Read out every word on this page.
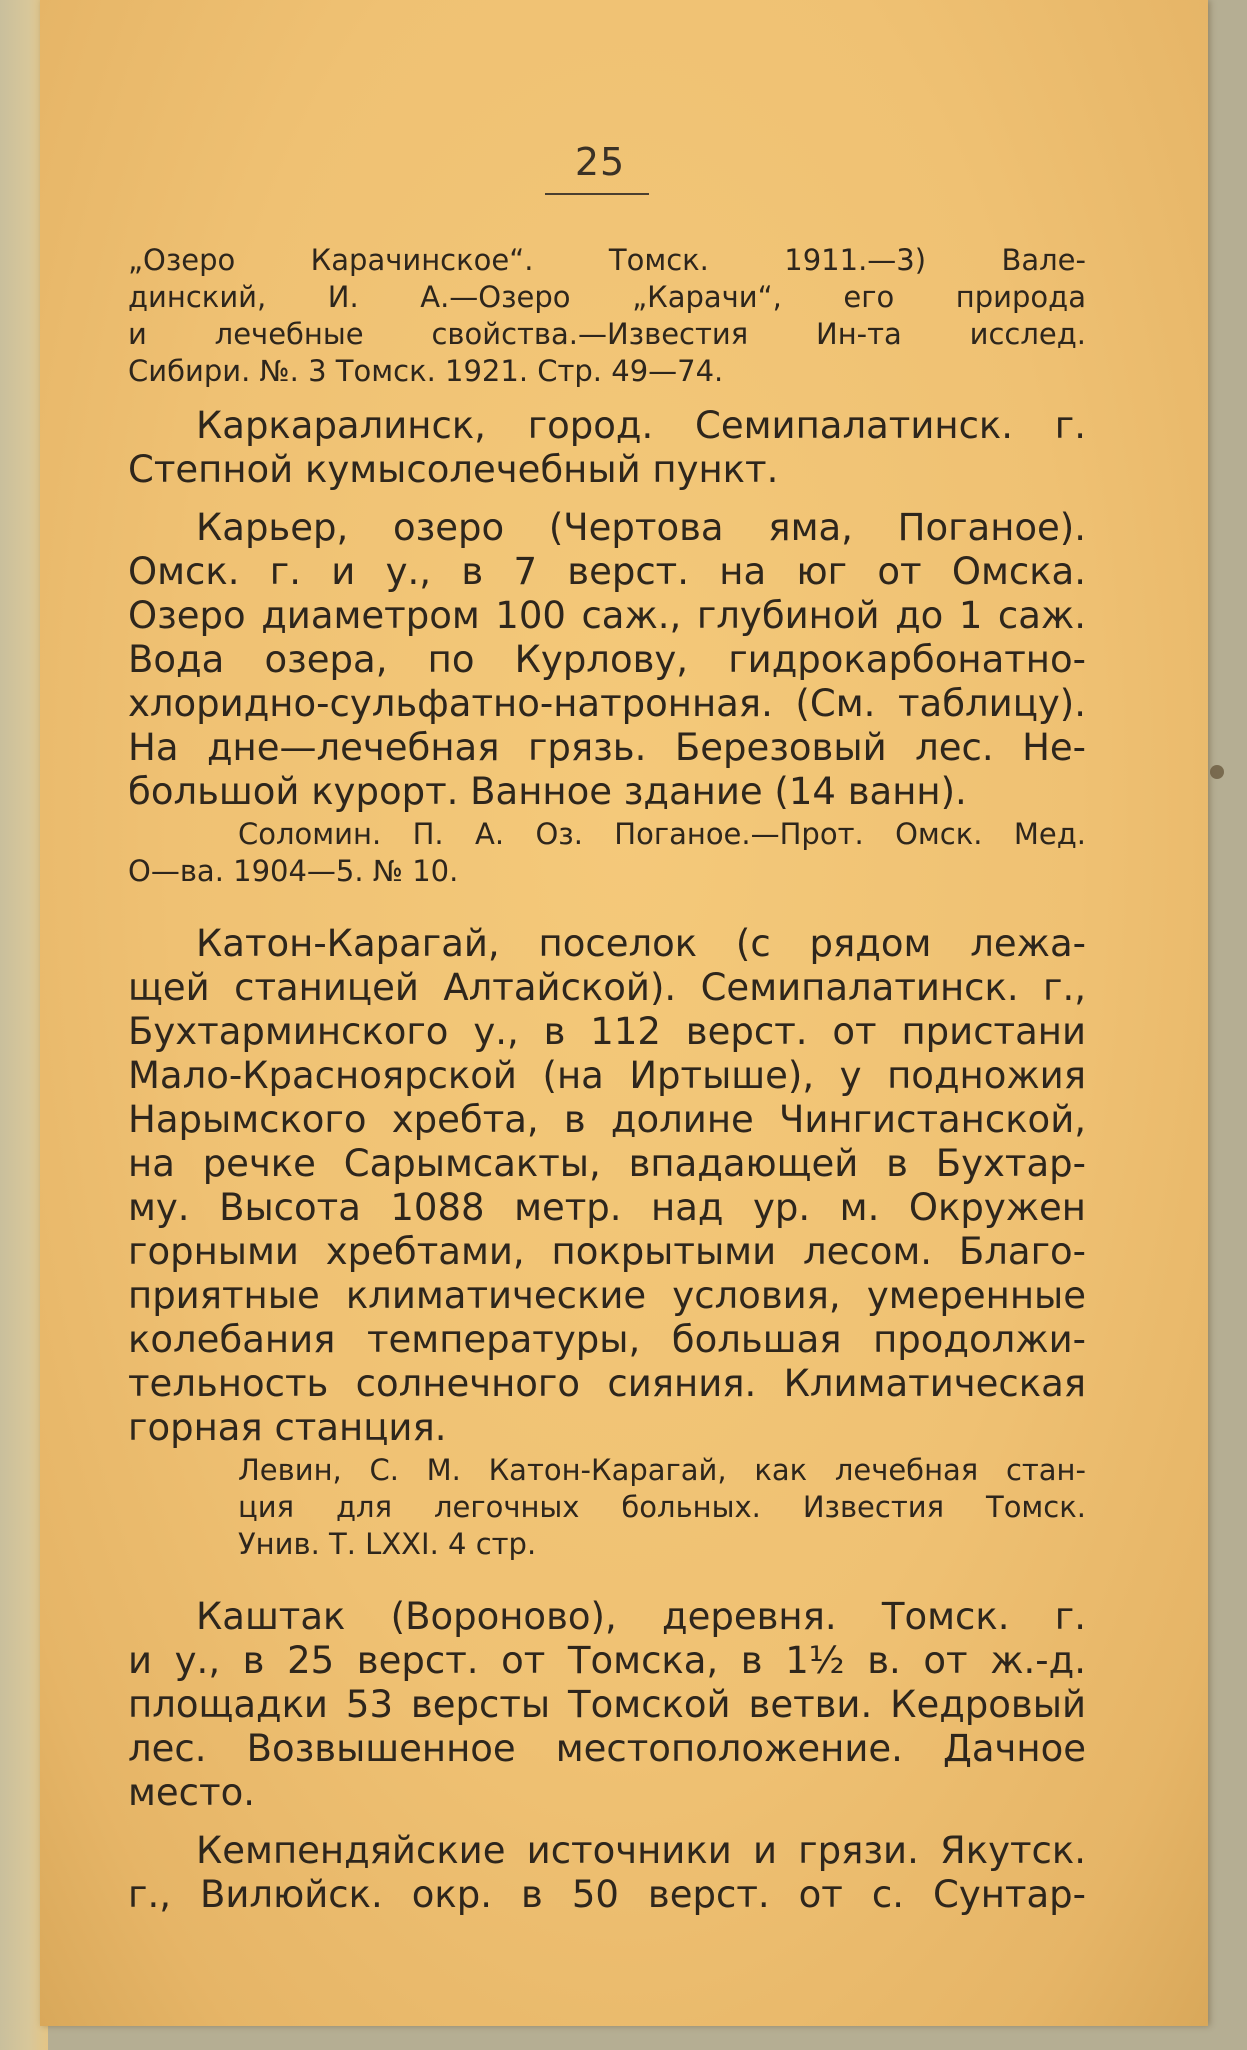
25
„Озеро Карачинское“. Томск. 1911.—3) Вале-
динский, И. А.—Озеро „Карачи“, его природа
и лечебные свойства.—Известия Ин-та исслед.
Сибири. №. 3 Томск. 1921. Стр. 49—74.
Каркаралинск, город. Семипалатинск. г.
Степной кумысолечебный пункт.
Карьер, озеро (Чертова яма, Поганое).
Омск. г. и у., в 7 верст. на юг от Омска.
Озеро диаметром 100 саж., глубиной до 1 саж.
Вода озера, по Курлову, гидрокарбонатно-
хлоридно-сульфатно-натронная. (См. таблицу).
На дне—лечебная грязь. Березовый лес. Не-
большой курорт. Ванное здание (14 ванн).
Соломин. П. А. Оз. Поганое.—Прот. Омск. Мед.
О—ва. 1904—5. № 10.
Катон-Карагай, поселок (с рядом лежа-
щей станицей Алтайской). Семипалатинск. г.,
Бухтарминского у., в 112 верст. от пристани
Мало-Красноярской (на Иртыше), у подножия
Нарымского хребта, в долине Чингистанской,
на речке Сарымсакты, впадающей в Бухтар-
му. Высота 1088 метр. над ур. м. Окружен
горными хребтами, покрытыми лесом. Благо-
приятные климатические условия, умеренные
колебания температуры, большая продолжи-
тельность солнечного сияния. Климатическая
горная станция.
Левин, С. М. Катон-Карагай, как лечебная стан-
ция для легочных больных. Известия Томск.
Унив. Т. LXXI. 4 стр.
Каштак (Вороново), деревня. Томск. г.
и у., в 25 верст. от Томска, в 1½ в. от ж.-д.
площадки 53 версты Томской ветви. Кедровый
лес. Возвышенное местоположение. Дачное
место.
Кемпендяйские источники и грязи. Якутск.
г., Вилюйск. окр. в 50 верст. от с. Сунтар-
